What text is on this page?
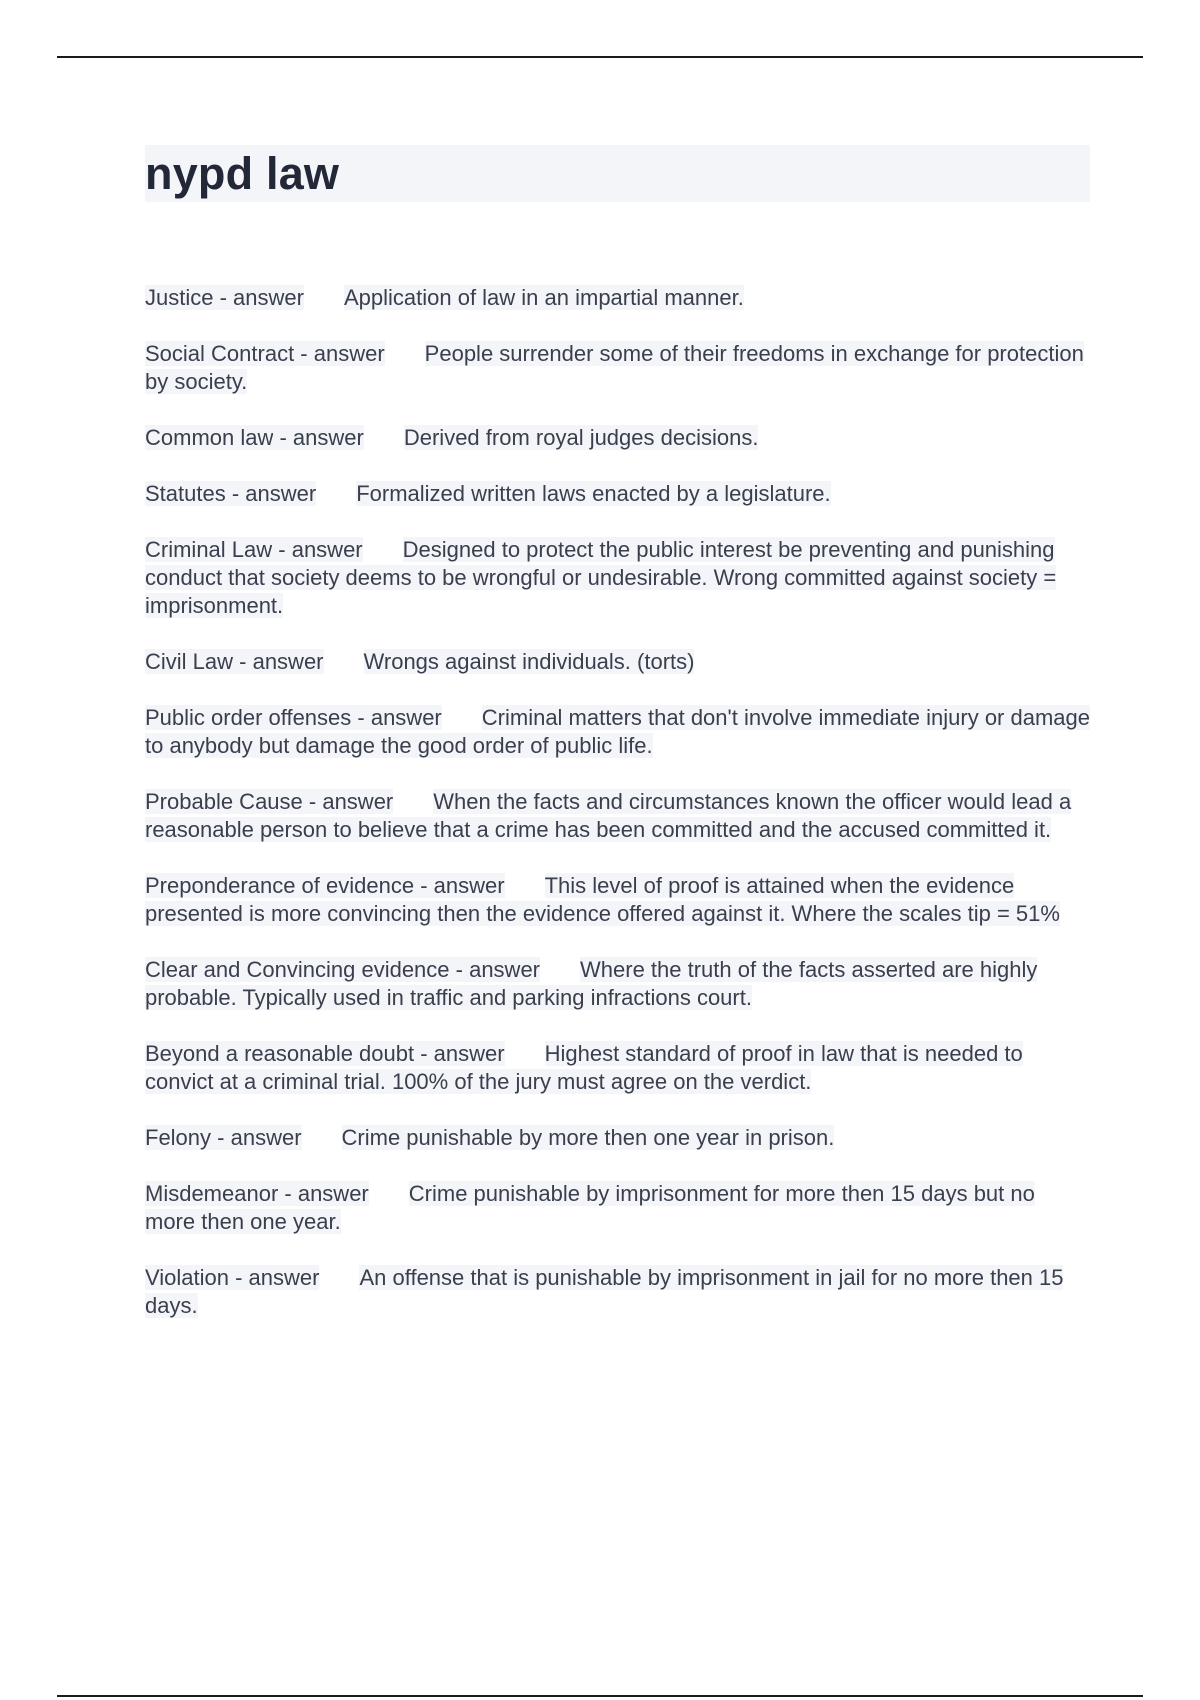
nypd law

Justice - answer Application of law in an impartial manner.

Social Contract - answer People surrender some of their freedoms in exchange for protection by society.

Common law - answer Derived from royal judges decisions.

Statutes - answer Formalized written laws enacted by a legislature.

Criminal Law - answer Designed to protect the public interest be preventing and punishing conduct that society deems to be wrongful or undesirable. Wrong committed against society = imprisonment.

Civil Law - answer Wrongs against individuals. (torts)

Public order offenses - answer Criminal matters that don't involve immediate injury or damage to anybody but damage the good order of public life.

Probable Cause - answer When the facts and circumstances known the officer would lead a reasonable person to believe that a crime has been committed and the accused committed it.

Preponderance of evidence - answer This level of proof is attained when the evidence presented is more convincing then the evidence offered against it. Where the scales tip = 51%

Clear and Convincing evidence - answer Where the truth of the facts asserted are highly probable. Typically used in traffic and parking infractions court.

Beyond a reasonable doubt - answer Highest standard of proof in law that is needed to convict at a criminal trial. 100% of the jury must agree on the verdict.

Felony - answer Crime punishable by more then one year in prison.

Misdemeanor - answer Crime punishable by imprisonment for more then 15 days but no more then one year.

Violation - answer An offense that is punishable by imprisonment in jail for no more then 15 days.
